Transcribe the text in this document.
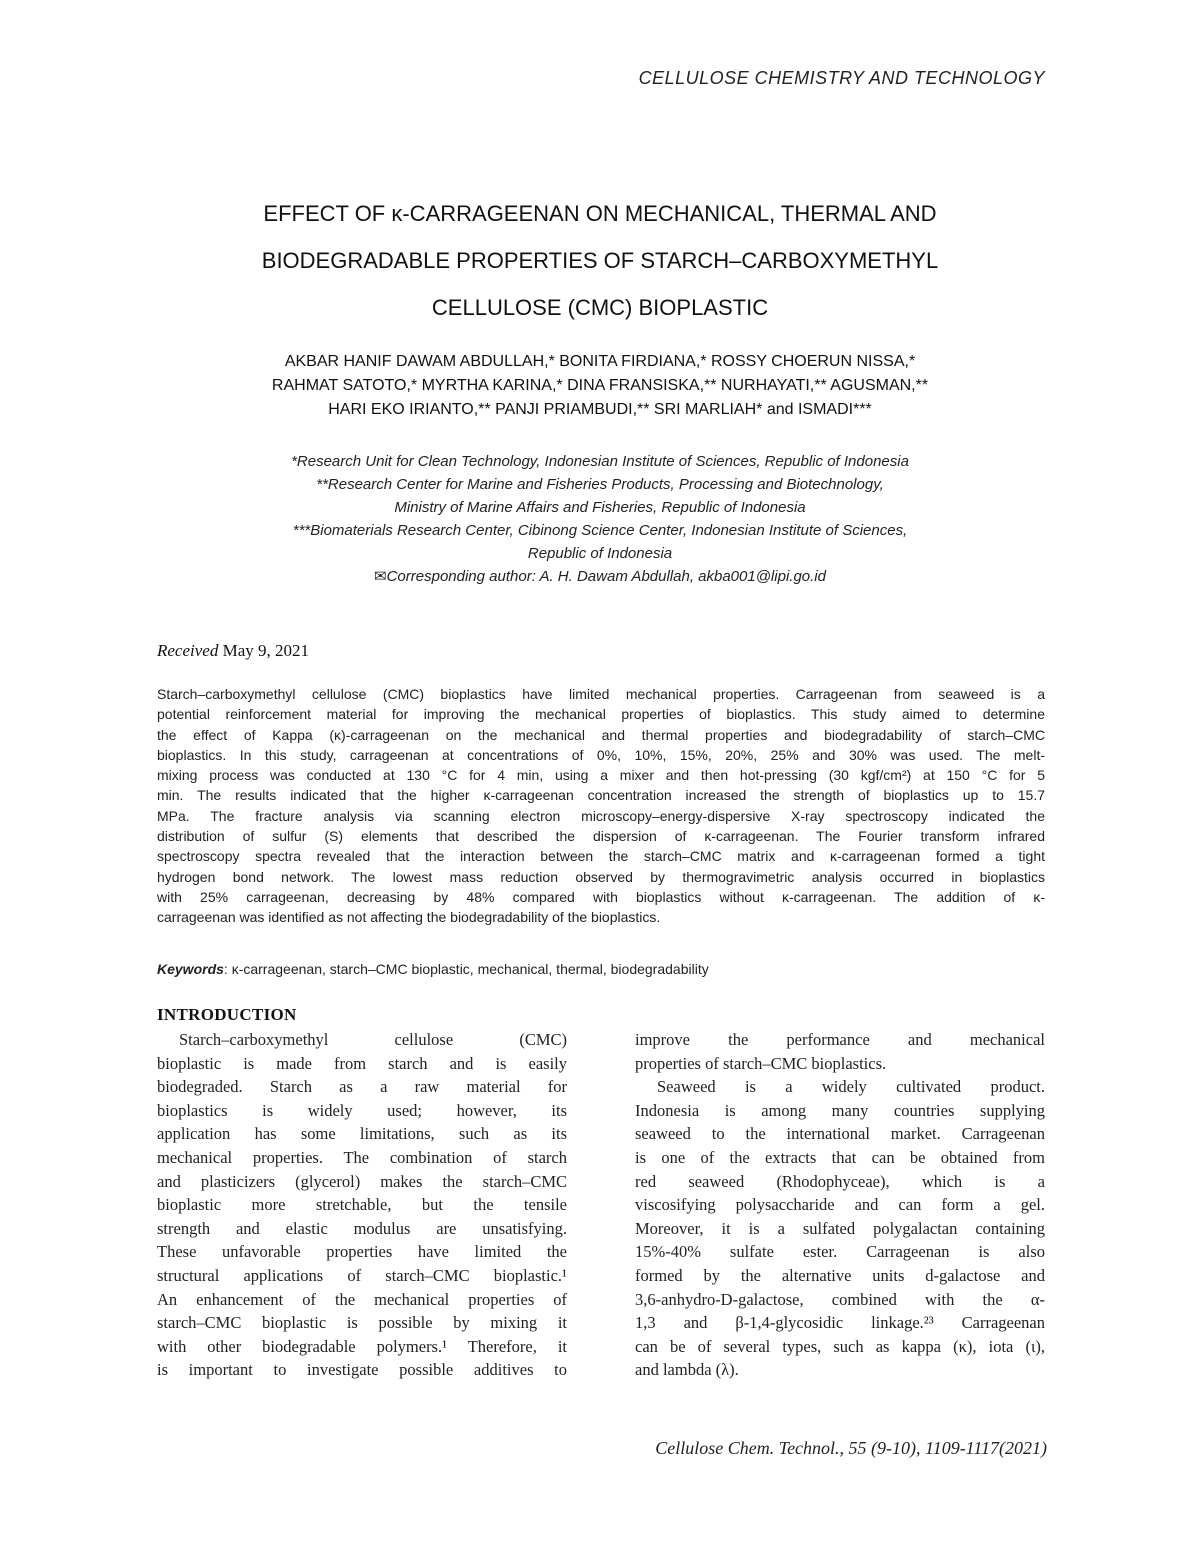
CELLULOSE CHEMISTRY AND TECHNOLOGY
EFFECT OF κ-CARRAGEENAN ON MECHANICAL, THERMAL AND
BIODEGRADABLE PROPERTIES OF STARCH–CARBOXYMETHYL
CELLULOSE (CMC) BIOPLASTIC
AKBAR HANIF DAWAM ABDULLAH,* BONITA FIRDIANA,* ROSSY CHOERUN NISSA,*
RAHMAT SATOTO,* MYRTHA KARINA,* DINA FRANSISKA,** NURHAYATI,** AGUSMAN,**
HARI EKO IRIANTO,** PANJI PRIAMBUDI,** SRI MARLIAH* and ISMADI***
*Research Unit for Clean Technology, Indonesian Institute of Sciences, Republic of Indonesia
**Research Center for Marine and Fisheries Products, Processing and Biotechnology,
Ministry of Marine Affairs and Fisheries, Republic of Indonesia
***Biomaterials Research Center, Cibinong Science Center, Indonesian Institute of Sciences,
Republic of Indonesia
✉Corresponding author: A. H. Dawam Abdullah, akba001@lipi.go.id
Received May 9, 2021
Starch–carboxymethyl cellulose (CMC) bioplastics have limited mechanical properties. Carrageenan from seaweed is a
potential reinforcement material for improving the mechanical properties of bioplastics. This study aimed to determine
the effect of Kappa (κ)-carrageenan on the mechanical and thermal properties and biodegradability of starch–CMC
bioplastics. In this study, carrageenan at concentrations of 0%, 10%, 15%, 20%, 25% and 30% was used. The melt-
mixing process was conducted at 130 °C for 4 min, using a mixer and then hot-pressing (30 kgf/cm²) at 150 °C for 5
min. The results indicated that the higher κ-carrageenan concentration increased the strength of bioplastics up to 15.7
MPa. The fracture analysis via scanning electron microscopy–energy-dispersive X-ray spectroscopy indicated the
distribution of sulfur (S) elements that described the dispersion of κ-carrageenan. The Fourier transform infrared
spectroscopy spectra revealed that the interaction between the starch–CMC matrix and κ-carrageenan formed a tight
hydrogen bond network. The lowest mass reduction observed by thermogravimetric analysis occurred in bioplastics
with 25% carrageenan, decreasing by 48% compared with bioplastics without κ-carrageenan. The addition of κ-
carrageenan was identified as not affecting the biodegradability of the bioplastics.
Keywords: κ-carrageenan, starch–CMC bioplastic, mechanical, thermal, biodegradability
INTRODUCTION
Starch–carboxymethyl cellulose (CMC)
bioplastic is made from starch and is easily
biodegraded. Starch as a raw material for
bioplastics is widely used; however, its
application has some limitations, such as its
mechanical properties. The combination of starch
and plasticizers (glycerol) makes the starch–CMC
bioplastic more stretchable, but the tensile
strength and elastic modulus are unsatisfying.
These unfavorable properties have limited the
structural applications of starch–CMC bioplastic.¹
An enhancement of the mechanical properties of
starch–CMC bioplastic is possible by mixing it
with other biodegradable polymers.¹ Therefore, it
is important to investigate possible additives to
improve the performance and mechanical
properties of starch–CMC bioplastics.
Seaweed is a widely cultivated product.
Indonesia is among many countries supplying
seaweed to the international market. Carrageenan
is one of the extracts that can be obtained from
red seaweed (Rhodophyceae), which is a
viscosifying polysaccharide and can form a gel.
Moreover, it is a sulfated polygalactan containing
15%-40% sulfate ester. Carrageenan is also
formed by the alternative units d-galactose and
3,6-anhydro-D-galactose, combined with the α-
1,3 and β-1,4-glycosidic linkage.²³ Carrageenan
can be of several types, such as kappa (κ), iota (ι),
and lambda (λ).
Cellulose Chem. Technol., 55 (9-10), 1109-1117(2021)
